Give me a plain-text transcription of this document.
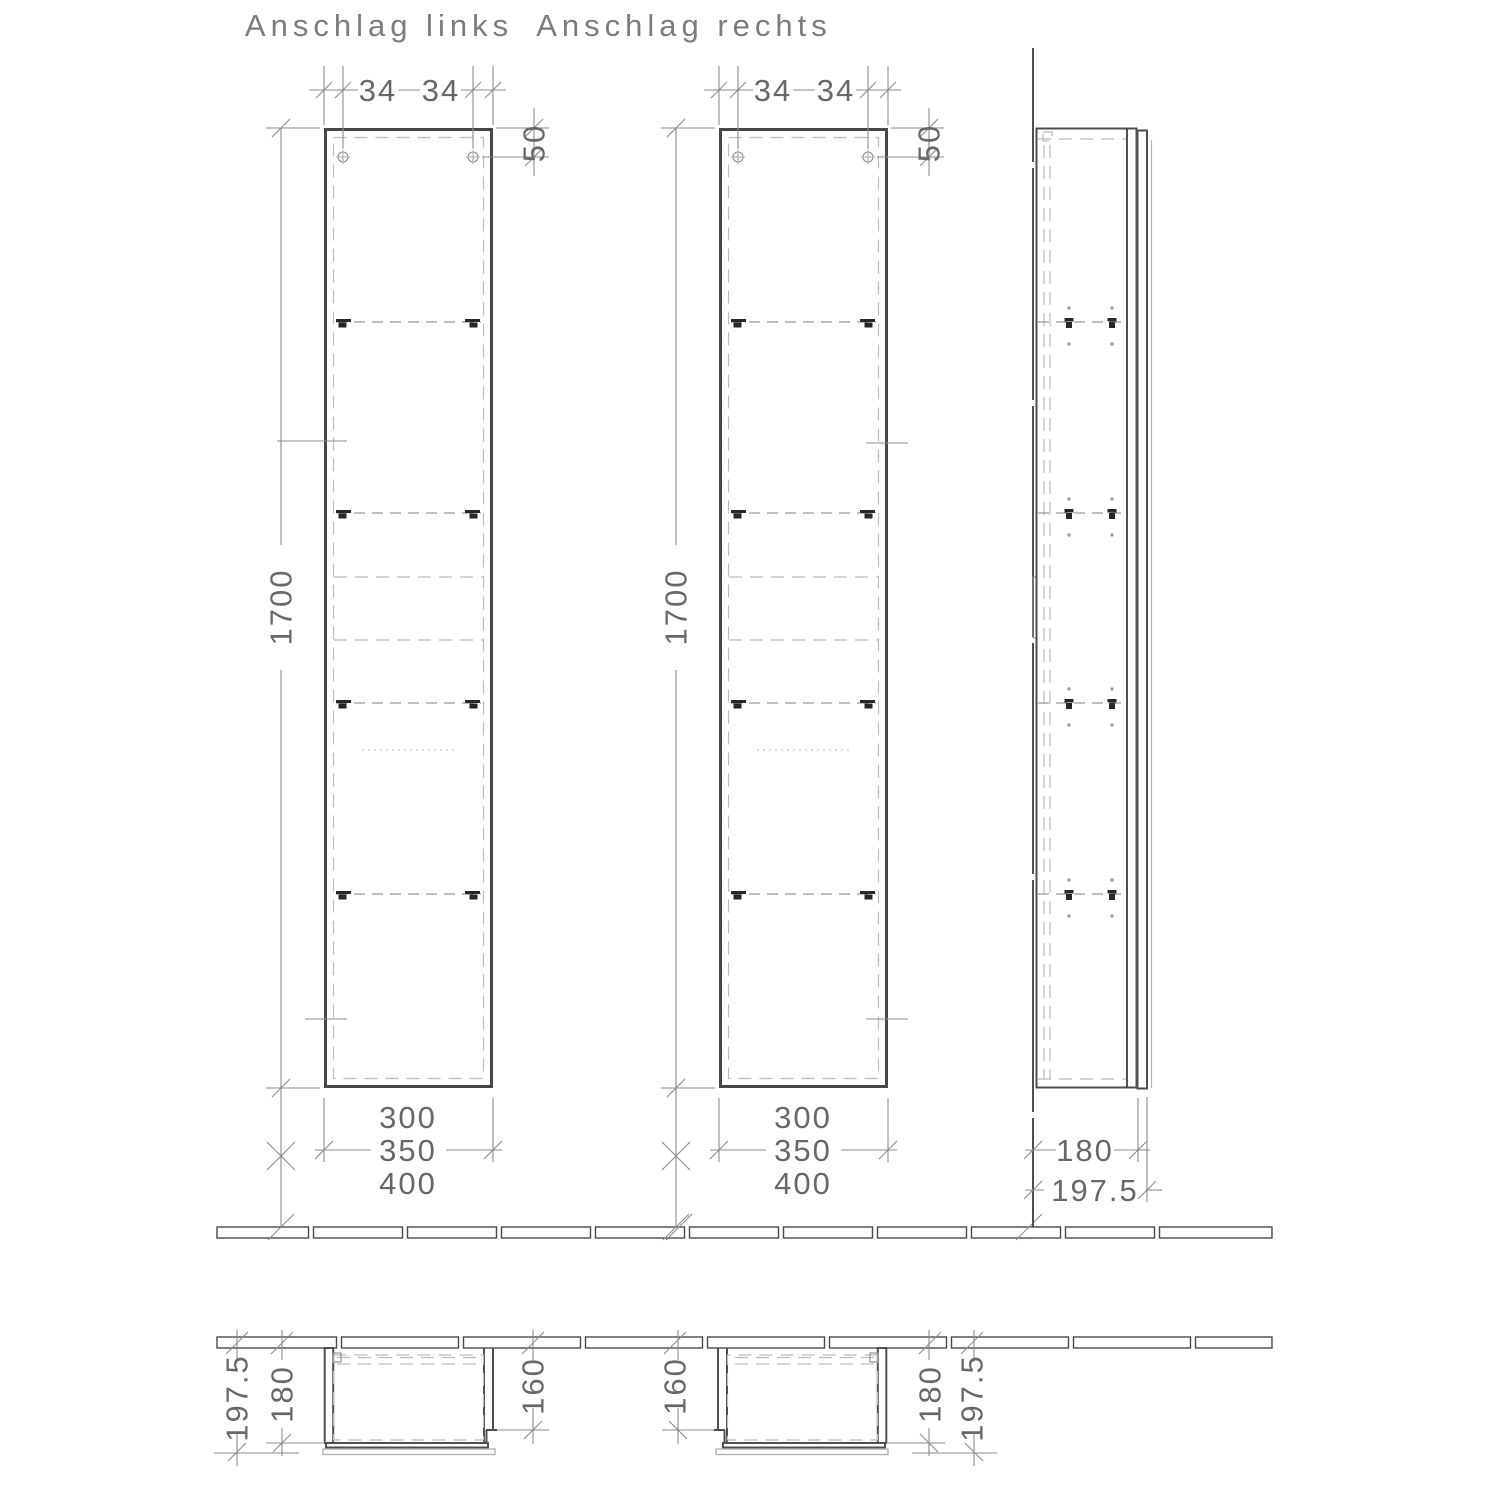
Anschlag links Anschlag rechts
34 34
50
1700
300
350
400
34 34
50
1700
300
350
400
180
197.5
197.5 180	160	160	180 197.5
